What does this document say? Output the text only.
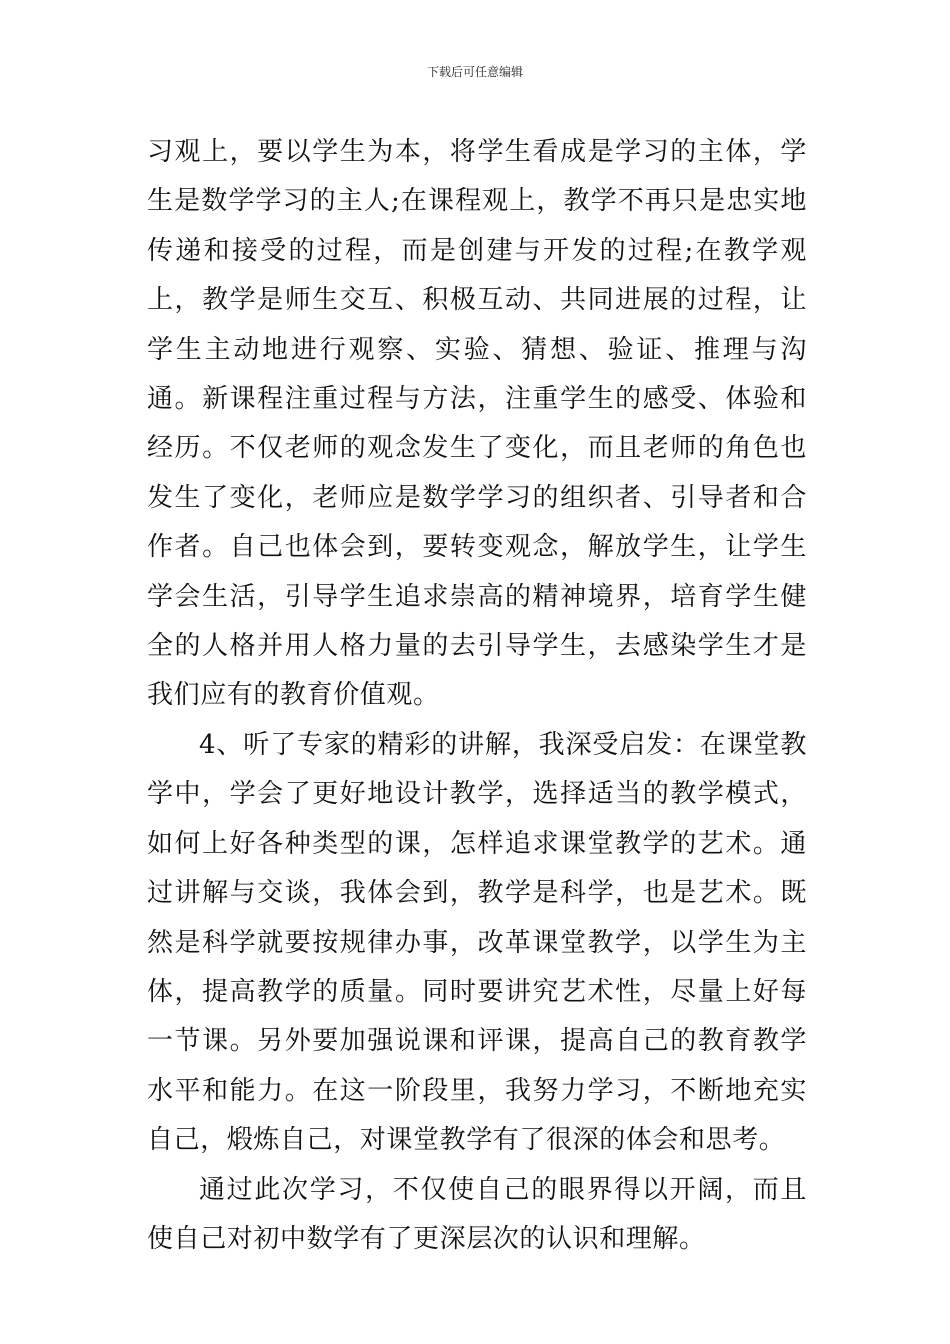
下载后可任意编辑

习观上，要以学生为本，将学生看成是学习的主体，学生是数学学习的主人;在课程观上，教学不再只是忠实地传递和接受的过程，而是创建与开发的过程;在教学观上，教学是师生交互、积极互动、共同进展的过程，让学生主动地进行观察、实验、猜想、验证、推理与沟通。新课程注重过程与方法，注重学生的感受、体验和经历。不仅老师的观念发生了变化，而且老师的角色也发生了变化，老师应是数学学习的组织者、引导者和合作者。自己也体会到，要转变观念，解放学生，让学生学会生活，引导学生追求崇高的精神境界，培育学生健全的人格并用人格力量的去引导学生，去感染学生才是我们应有的教育价值观。

4、听了专家的精彩的讲解，我深受启发：在课堂教学中，学会了更好地设计教学，选择适当的教学模式，如何上好各种类型的课，怎样追求课堂教学的艺术。通过讲解与交谈，我体会到，教学是科学，也是艺术。既然是科学就要按规律办事，改革课堂教学，以学生为主体，提高教学的质量。同时要讲究艺术性，尽量上好每一节课。另外要加强说课和评课，提高自己的教育教学水平和能力。在这一阶段里，我努力学习，不断地充实自己，煅炼自己，对课堂教学有了很深的体会和思考。

通过此次学习，不仅使自己的眼界得以开阔，而且使自己对初中数学有了更深层次的认识和理解。
